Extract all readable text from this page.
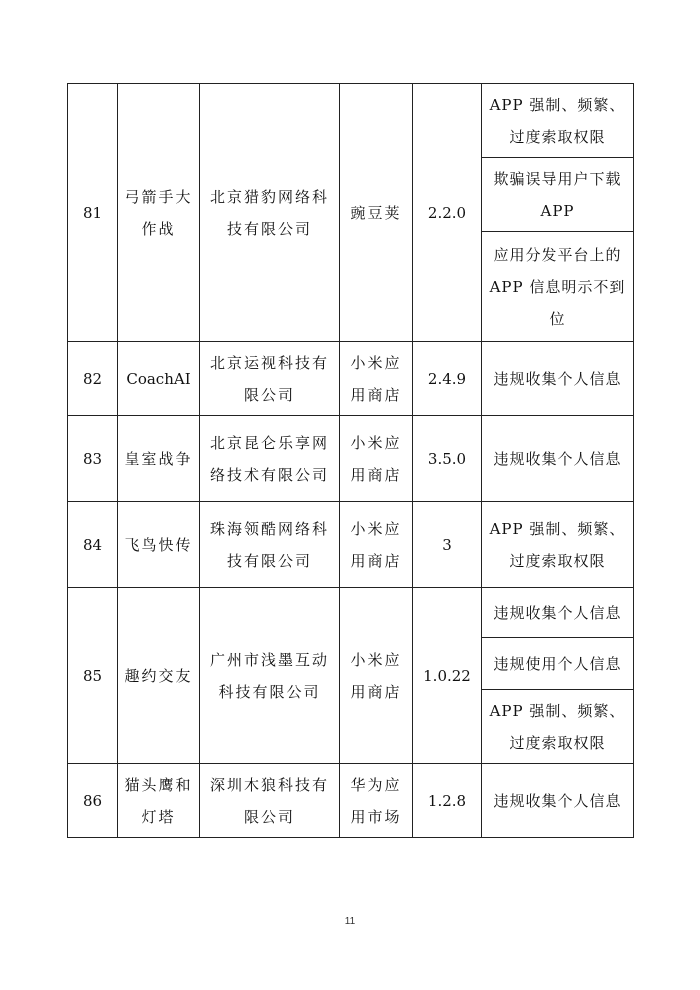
81	弓箭手大作战	北京猎豹网络科技有限公司	豌豆荚	2.2.0	APP 强制、频繁、过度索取权限
					欺骗误导用户下载 APP
					应用分发平台上的 APP 信息明示不到位
82	CoachAI	北京运视科技有限公司	小米应用商店	2.4.9	违规收集个人信息
83	皇室战争	北京昆仑乐享网络技术有限公司	小米应用商店	3.5.0	违规收集个人信息
84	飞鸟快传	珠海领酷网络科技有限公司	小米应用商店	3	APP 强制、频繁、过度索取权限
85	趣约交友	广州市浅墨互动科技有限公司	小米应用商店	1.0.22	违规收集个人信息
					违规使用个人信息
					APP 强制、频繁、过度索取权限
86	猫头鹰和灯塔	深圳木狼科技有限公司	华为应用市场	1.2.8	违规收集个人信息
11
